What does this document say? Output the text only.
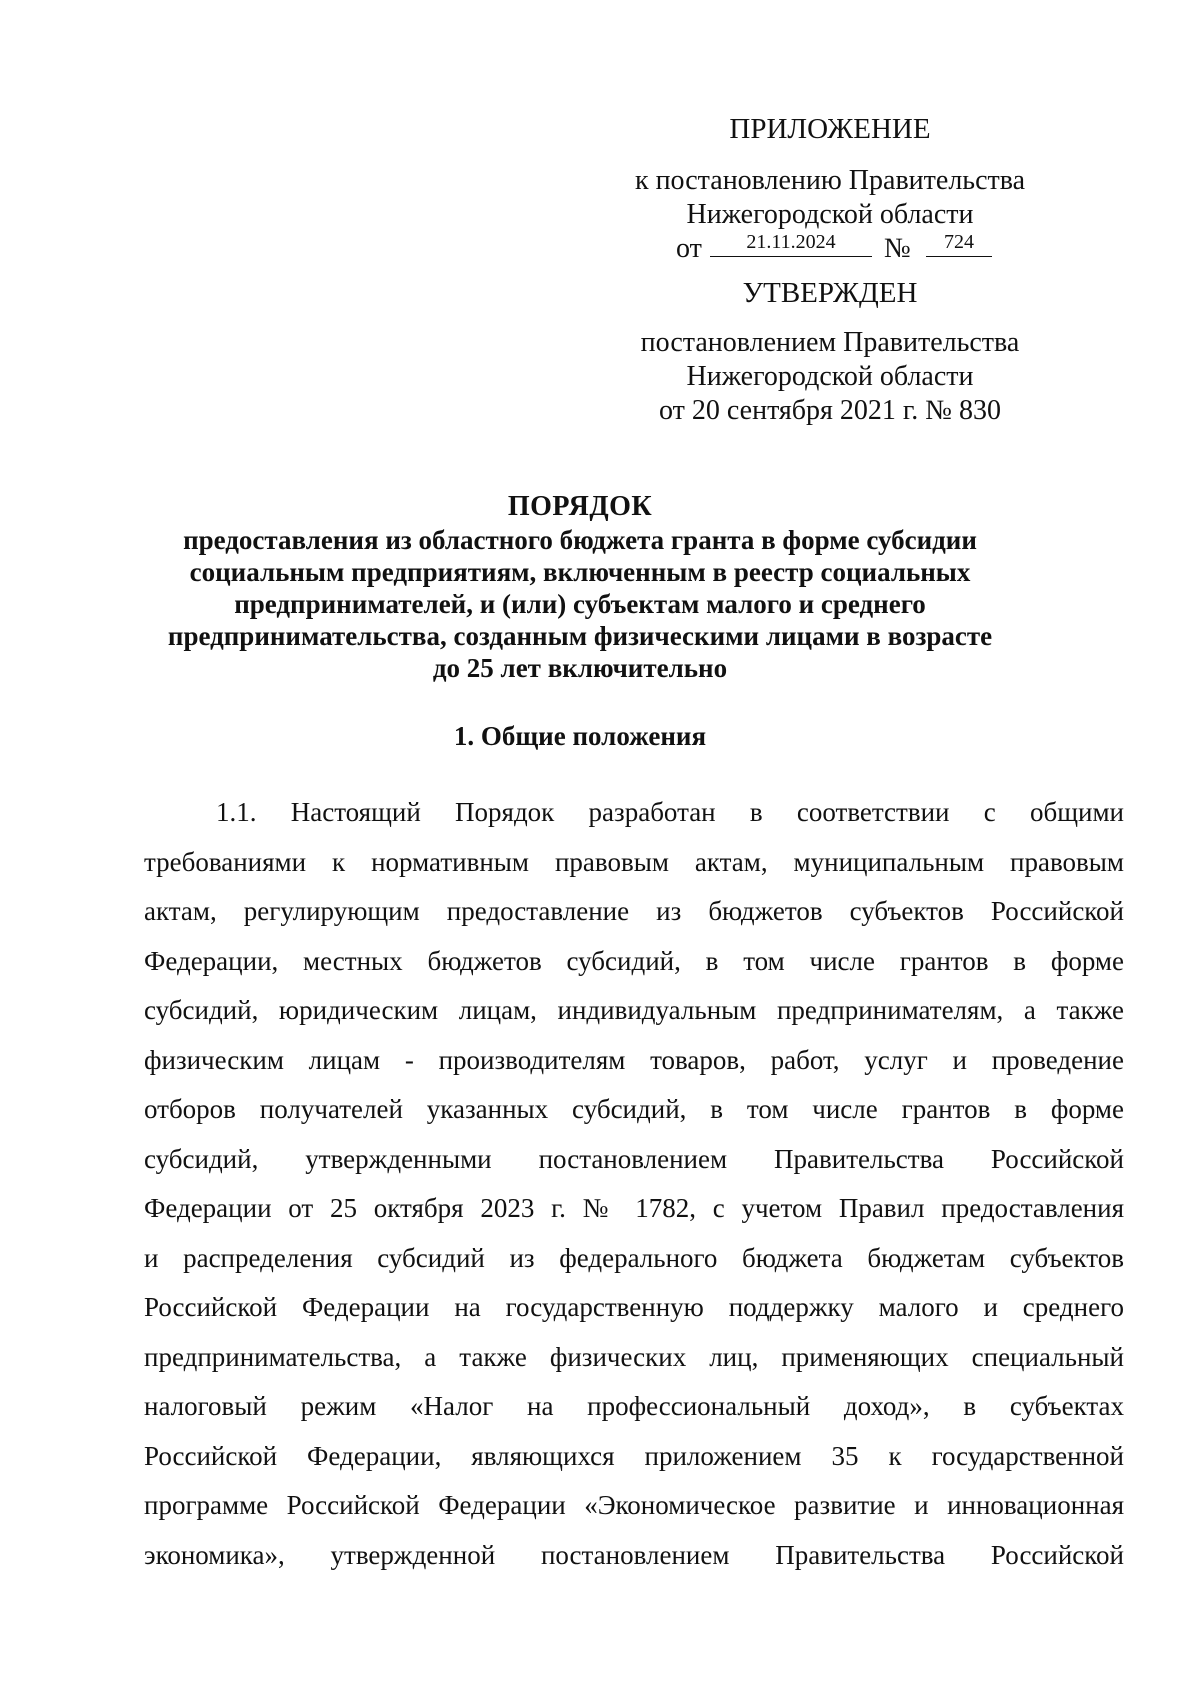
ПРИЛОЖЕНИЕ
к постановлению Правительства
Нижегородской области
от	21.11.2024	№	724
УТВЕРЖДЕН
постановлением Правительства
Нижегородской области
от 20 сентября 2021 г. № 830
ПОРЯДОК
предоставления из областного бюджета гранта в форме субсидии
социальным предприятиям, включенным в реестр социальных
предпринимателей, и (или) субъектам малого и среднего
предпринимательства, созданным физическими лицами в возрасте
до 25 лет включительно
1. Общие положения
1.1. Настоящий Порядок разработан в соответствии с общими
требованиями к нормативным правовым актам, муниципальным правовым
актам, регулирующим предоставление из бюджетов субъектов Российской
Федерации, местных бюджетов субсидий, в том числе грантов в форме
субсидий, юридическим лицам, индивидуальным предпринимателям, а также
физическим лицам - производителям товаров, работ, услуг и проведение
отборов получателей указанных субсидий, в том числе грантов в форме
субсидий, утвержденными постановлением Правительства Российской
Федерации от 25 октября 2023 г. № 1782, с учетом Правил предоставления
и распределения субсидий из федерального бюджета бюджетам субъектов
Российской Федерации на государственную поддержку малого и среднего
предпринимательства, а также физических лиц, применяющих специальный
налоговый режим «Налог на профессиональный доход», в субъектах
Российской Федерации, являющихся приложением 35 к государственной
программе Российской Федерации «Экономическое развитие и инновационная
экономика», утвержденной постановлением Правительства Российской
